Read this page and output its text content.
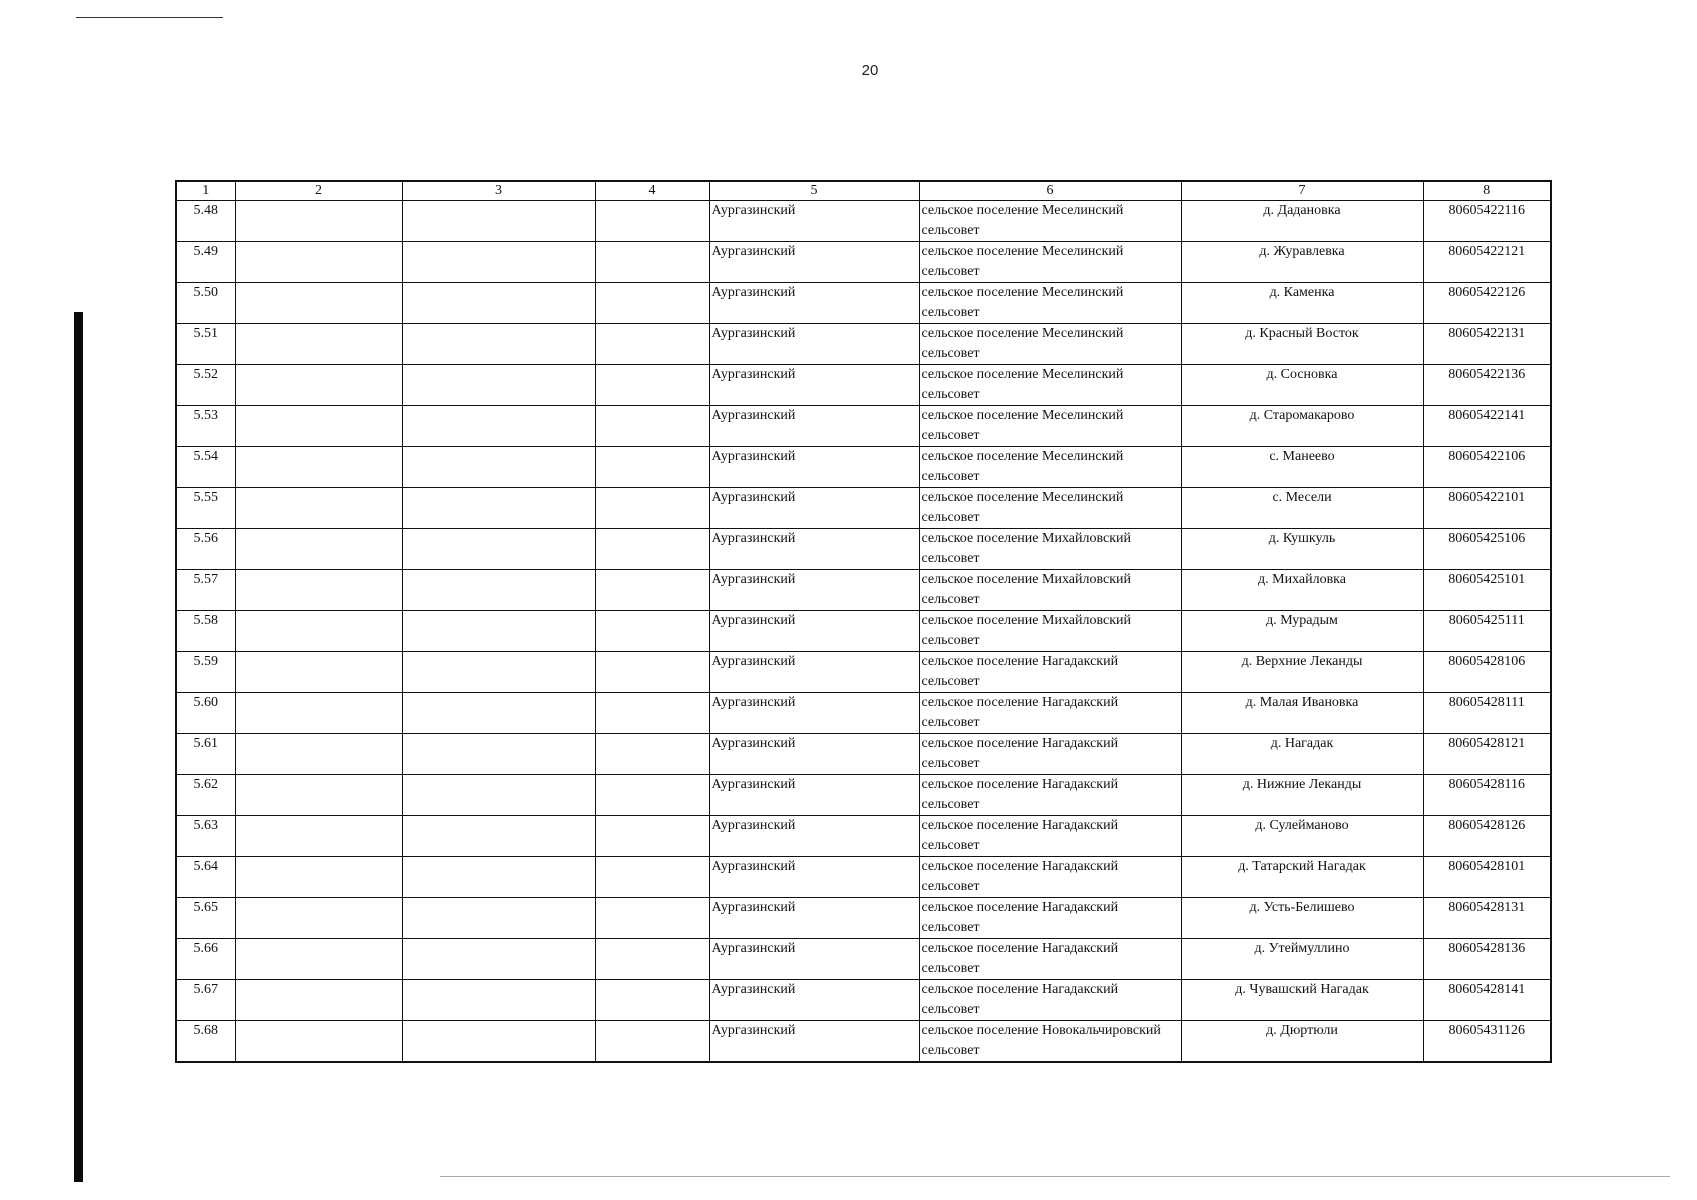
20
1	2	3	4	5	6	7	8
5.48				Аургазинский	сельское поселение Меселинский сельсовет	д. Дадановка	80605422116
5.49				Аургазинский	сельское поселение Меселинский сельсовет	д. Журавлевка	80605422121
5.50				Аургазинский	сельское поселение Меселинский сельсовет	д. Каменка	80605422126
5.51				Аургазинский	сельское поселение Меселинский сельсовет	д. Красный Восток	80605422131
5.52				Аургазинский	сельское поселение Меселинский сельсовет	д. Сосновка	80605422136
5.53				Аургазинский	сельское поселение Меселинский сельсовет	д. Старомакарово	80605422141
5.54				Аургазинский	сельское поселение Меселинский сельсовет	с. Манеево	80605422106
5.55				Аургазинский	сельское поселение Меселинский сельсовет	с. Месели	80605422101
5.56				Аургазинский	сельское поселение Михайловский сельсовет	д. Кушкуль	80605425106
5.57				Аургазинский	сельское поселение Михайловский сельсовет	д. Михайловка	80605425101
5.58				Аургазинский	сельское поселение Михайловский сельсовет	д. Мурадым	80605425111
5.59				Аургазинский	сельское поселение Нагадакский сельсовет	д. Верхние Леканды	80605428106
5.60				Аургазинский	сельское поселение Нагадакский сельсовет	д. Малая Ивановка	80605428111
5.61				Аургазинский	сельское поселение Нагадакский сельсовет	д. Нагадак	80605428121
5.62				Аургазинский	сельское поселение Нагадакский сельсовет	д. Нижние Леканды	80605428116
5.63				Аургазинский	сельское поселение Нагадакский сельсовет	д. Сулейманово	80605428126
5.64				Аургазинский	сельское поселение Нагадакский сельсовет	д. Татарский Нагадак	80605428101
5.65				Аургазинский	сельское поселение Нагадакский сельсовет	д. Усть-Белишево	80605428131
5.66				Аургазинский	сельское поселение Нагадакский сельсовет	д. Утеймуллино	80605428136
5.67				Аургазинский	сельское поселение Нагадакский сельсовет	д. Чувашский Нагадак	80605428141
5.68				Аургазинский	сельское поселение Новокальчировский сельсовет	д. Дюртюли	80605431126
